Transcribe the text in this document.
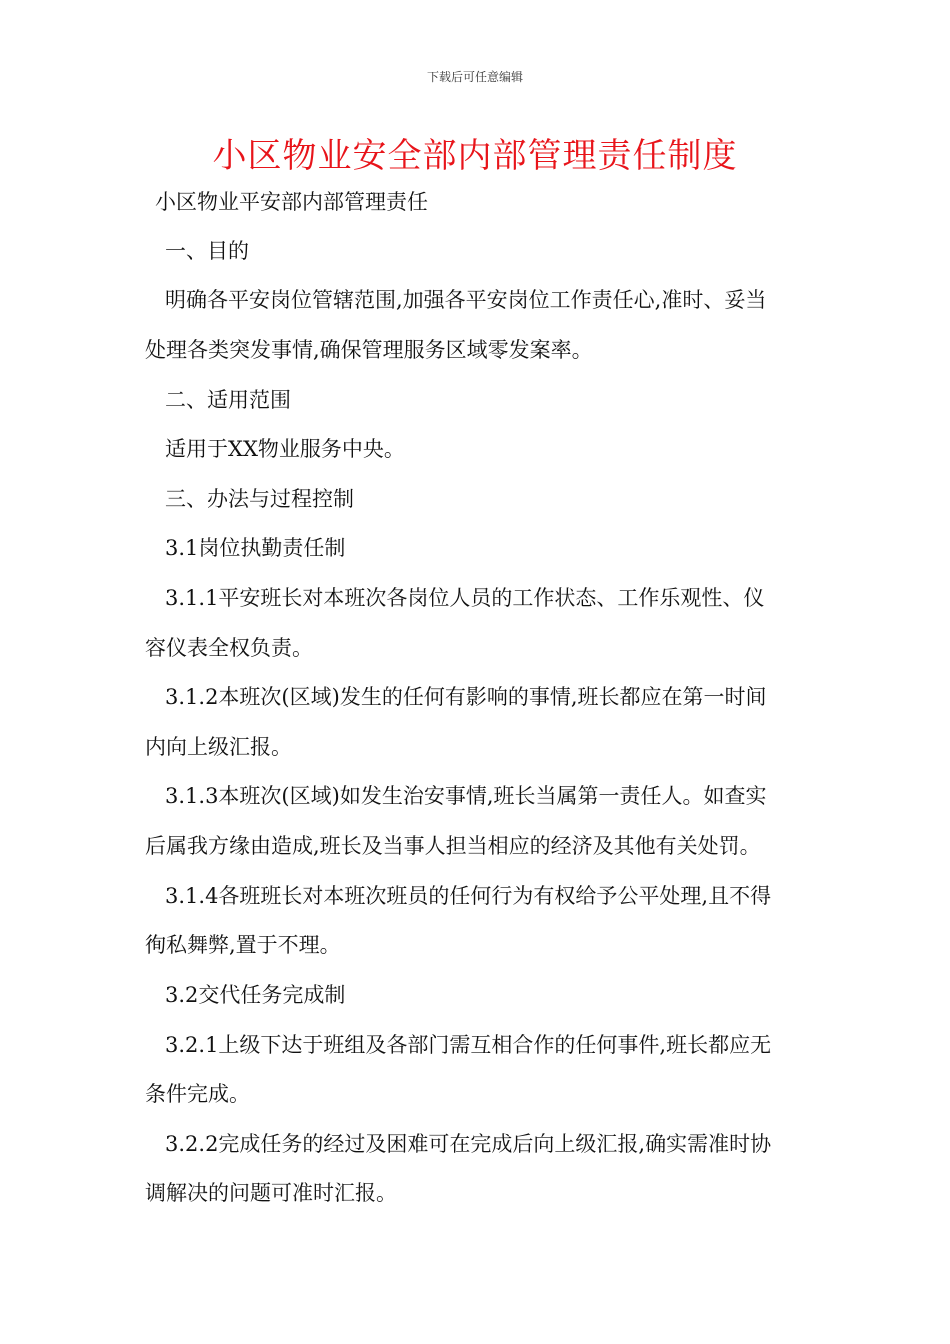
下载后可任意编辑
小区物业安全部内部管理责任制度
小区物业平安部内部管理责任
一、目的
明确各平安岗位管辖范围,加强各平安岗位工作责任心,准时、妥当
处理各类突发事情,确保管理服务区域零发案率。
二、适用范围
适用于XX物业服务中央。
三、办法与过程控制
3.1岗位执勤责任制
3.1.1平安班长对本班次各岗位人员的工作状态、工作乐观性、仪
容仪表全权负责。
3.1.2本班次(区域)发生的任何有影响的事情,班长都应在第一时间
内向上级汇报。
3.1.3本班次(区域)如发生治安事情,班长当属第一责任人。如查实
后属我方缘由造成,班长及当事人担当相应的经济及其他有关处罚。
3.1.4各班班长对本班次班员的任何行为有权给予公平处理,且不得
徇私舞弊,置于不理。
3.2交代任务完成制
3.2.1上级下达于班组及各部门需互相合作的任何事件,班长都应无
条件完成。
3.2.2完成任务的经过及困难可在完成后向上级汇报,确实需准时协
调解决的问题可准时汇报。
